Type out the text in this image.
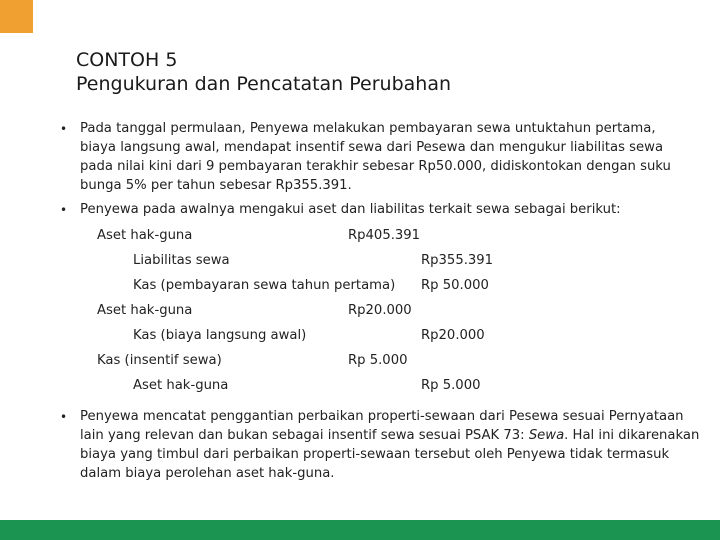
CONTOH 5
Pengukuran dan Pencatatan Perubahan
• Pada tanggal permulaan, Penyewa melakukan pembayaran sewa untuktahun pertama,
biaya langsung awal, mendapat insentif sewa dari Pesewa dan mengukur liabilitas sewa
pada nilai kini dari 9 pembayaran terakhir sebesar Rp50.000, didiskontokan dengan suku
bunga 5% per tahun sebesar Rp355.391.
• Penyewa pada awalnya mengakui aset dan liabilitas terkait sewa sebagai berikut:
Aset hak-guna	Rp405.391
Liabilitas sewa	Rp355.391
Kas (pembayaran sewa tahun pertama) Rp 50.000
Aset hak-guna	Rp20.000
Kas (biaya langsung awal)	Rp20.000
Kas (insentif sewa)	Rp 5.000
Aset hak-guna	Rp 5.000
• Penyewa mencatat penggantian perbaikan properti-sewaan dari Pesewa sesuai Pernyataan
lain yang relevan dan bukan sebagai insentif sewa sesuai PSAK 73: Sewa. Hal ini dikarenakan
biaya yang timbul dari perbaikan properti-sewaan tersebut oleh Penyewa tidak termasuk
dalam biaya perolehan aset hak-guna.
